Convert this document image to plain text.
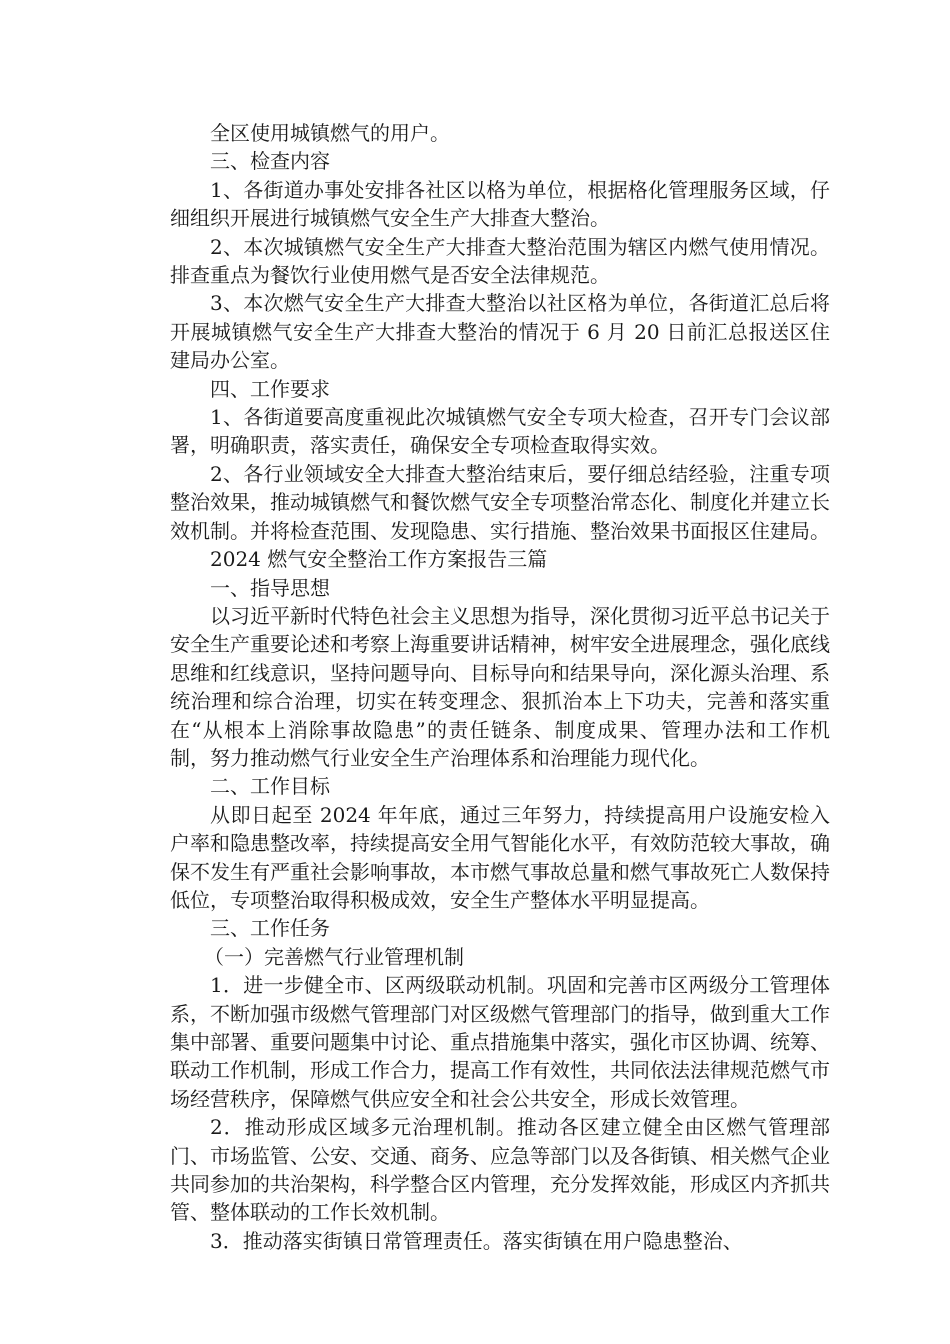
全区使用城镇燃气的用户。

三、检查内容

1、各街道办事处安排各社区以格为单位，根据格化管理服务区域，仔细组织开展进行城镇燃气安全生产大排查大整治。

2、本次城镇燃气安全生产大排查大整治范围为辖区内燃气使用情况。排查重点为餐饮行业使用燃气是否安全法律规范。

3、本次燃气安全生产大排查大整治以社区格为单位，各街道汇总后将开展城镇燃气安全生产大排查大整治的情况于 6 月 20 日前汇总报送区住建局办公室。

四、工作要求

1、各街道要高度重视此次城镇燃气安全专项大检查，召开专门会议部署，明确职责，落实责任，确保安全专项检查取得实效。

2、各行业领域安全大排查大整治结束后，要仔细总结经验，注重专项整治效果，推动城镇燃气和餐饮燃气安全专项整治常态化、制度化并建立长效机制。并将检查范围、发现隐患、实行措施、整治效果书面报区住建局。

2024 燃气安全整治工作方案报告三篇

一、指导思想

以习近平新时代特色社会主义思想为指导，深化贯彻习近平总书记关于安全生产重要论述和考察上海重要讲话精神，树牢安全进展理念，强化底线思维和红线意识，坚持问题导向、目标导向和结果导向，深化源头治理、系统治理和综合治理，切实在转变理念、狠抓治本上下功夫，完善和落实重在“从根本上消除事故隐患”的责任链条、制度成果、管理办法和工作机制，努力推动燃气行业安全生产治理体系和治理能力现代化。

二、工作目标

从即日起至 2024 年年底，通过三年努力，持续提高用户设施安检入户率和隐患整改率，持续提高安全用气智能化水平，有效防范较大事故，确保不发生有严重社会影响事故，本市燃气事故总量和燃气事故死亡人数保持低位，专项整治取得积极成效，安全生产整体水平明显提高。

三、工作任务

（一）完善燃气行业管理机制

1．进一步健全市、区两级联动机制。巩固和完善市区两级分工管理体系，不断加强市级燃气管理部门对区级燃气管理部门的指导，做到重大工作集中部署、重要问题集中讨论、重点措施集中落实，强化市区协调、统筹、联动工作机制，形成工作合力，提高工作有效性，共同依法法律规范燃气市场经营秩序，保障燃气供应安全和社会公共安全，形成长效管理。

2．推动形成区域多元治理机制。推动各区建立健全由区燃气管理部门、市场监管、公安、交通、商务、应急等部门以及各街镇、相关燃气企业共同参加的共治架构，科学整合区内管理，充分发挥效能，形成区内齐抓共管、整体联动的工作长效机制。

3．推动落实街镇日常管理责任。落实街镇在用户隐患整治、
